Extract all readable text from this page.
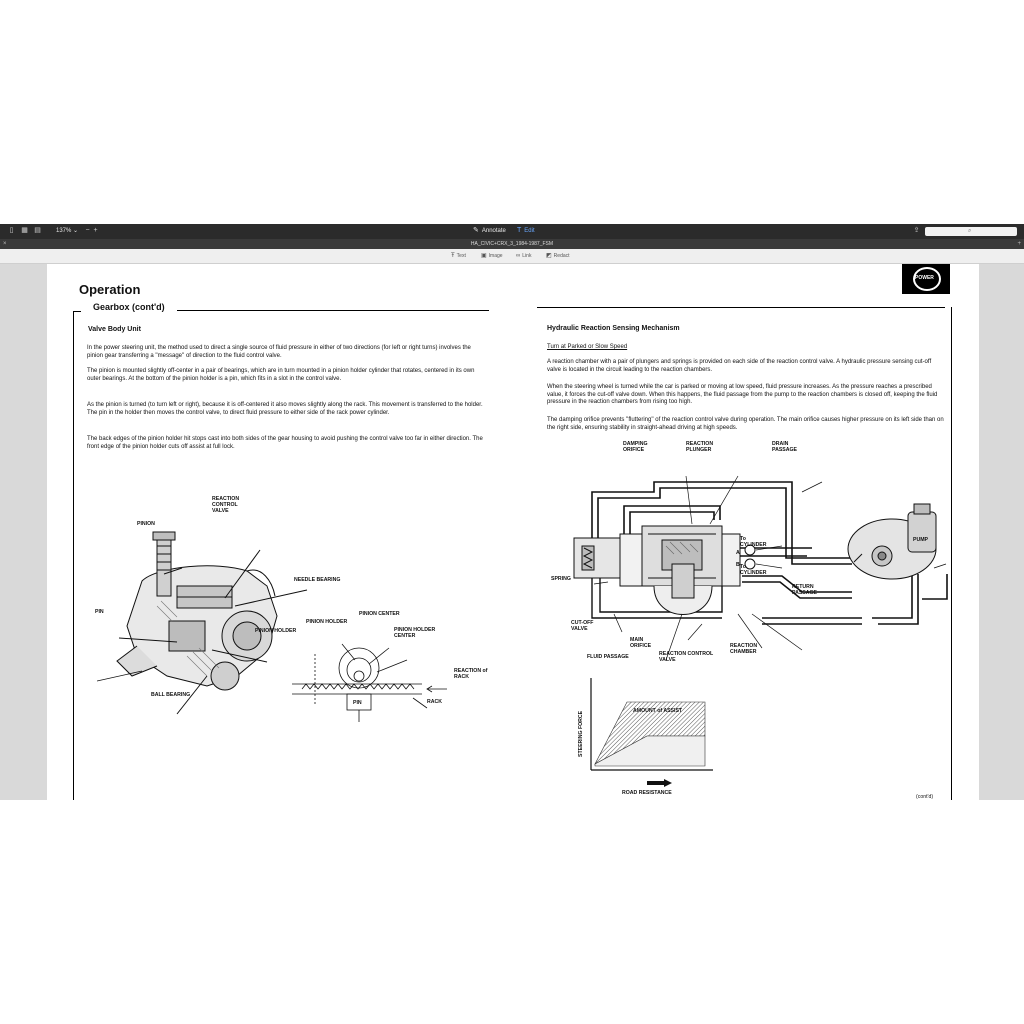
▯	▦ ▤	137% ⌄	− +	✎ Annotate T Edit	⇪	⌕
×	HA_CIVIC+CRX_3_1984-1987_FSM	+
Ŧ Text	▣ Image ∞ Link ◩ Redact
Operation
Gearbox (cont'd)
POWER
Valve Body Unit
In the power steering unit, the method used to direct a single source of fluid pressure in either of two directions (for left or right turns) involves the pinion gear transferring a ''message'' of direction to the fluid control valve.
The pinion is mounted slightly off-center in a pair of bearings, which are in turn mounted in a pinion holder cylinder that rotates, centered in its own outer bearings. At the bottom of the pinion holder is a pin, which fits in a slot in the control valve.
As the pinion is turned (to turn left or right), because it is off-centered it also moves slightly along the rack. This movement is transferred to the holder. The pin in the holder then moves the control valve, to direct fluid pressure to either side of the rack power cylinder.
The back edges of the pinion holder hit stops cast into both sides of the gear housing to avoid pushing the control valve too far in either direction. The front edge of the pinion holder cuts off assist at full lock.
REACTION
CONTROL
VALVE
PINION
NEEDLE BEARING
PIN
PINION HOLDER
PINION CENTER
PINION HOLDER
PINION HOLDER
CENTER
REACTION of
RACK
BALL BEARING
PIN	RACK
Hydraulic Reaction Sensing Mechanism
Turn at Parked or Slow Speed
A reaction chamber with a pair of plungers and springs is provided on each side of the reaction control valve. A hydraulic pressure sensing cut-off valve is located in the circuit leading to the reaction chambers.
When the steering wheel is turned while the car is parked or moving at low speed, fluid pressure increases. As the pressure reaches a prescribed value, it forces the cut-off valve down. When this happens, the fluid passage from the pump to the reaction chambers is closed off, keeping the fluid pressure in the reaction chambers from rising too high.
The damping orifice prevents ''fluttering'' of the reaction control valve during operation. The main orifice causes higher pressure on its left side than on the right side, ensuring stability in straight-ahead driving at high speeds.
DAMPING
ORIFICE
REACTION
PLUNGER
DRAIN
PASSAGE
To
CYLINDER
To
CYLINDER
A
B
PUMP
SPRING
RETURN
PASSAGE
CUT-OFF
VALVE
MAIN
ORIFICE	REACTION
CHAMBER
FLUID PASSAGE	REACTION CONTROL
VALVE
STEERING FORCE	AMOUNT of ASSIST
ROAD RESISTANCE
(cont'd)
